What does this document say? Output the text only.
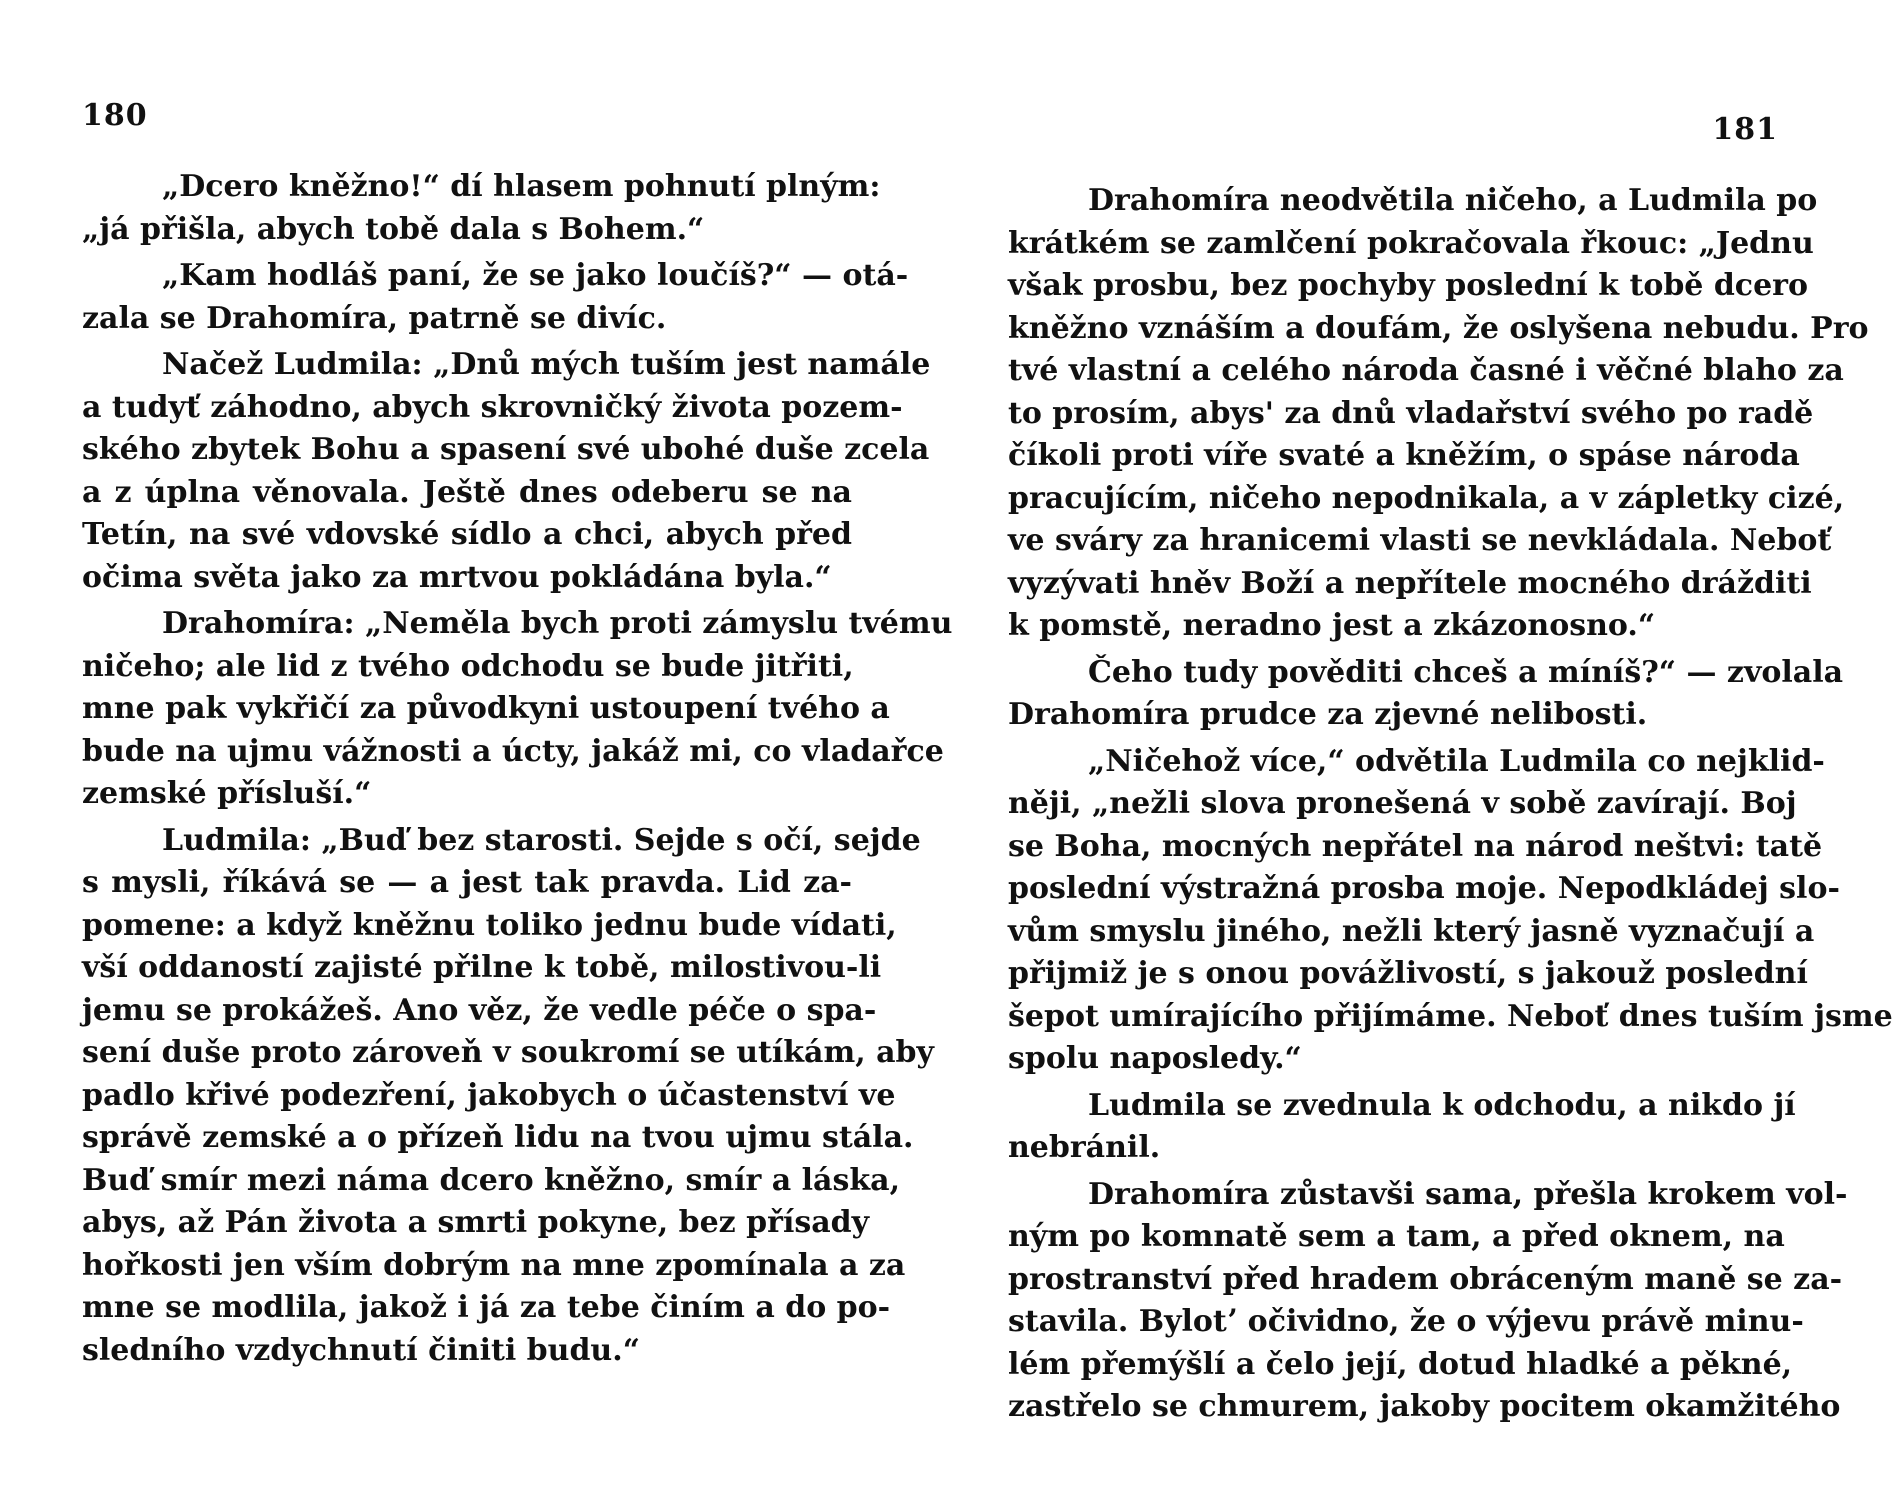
180
„Dcero kněžno!“ dí hlasem pohnutí plným:
„já přišla, abych tobě dala s Bohem.“
„Kam hodláš paní, že se jako loučíš?“ — otá-
zala se Drahomíra, patrně se divíc.
Načež Ludmila: „Dnů mých tuším jest namále
a tudyť záhodno, abych skrovničký života pozem-
ského zbytek Bohu a spasení své ubohé duše zcela
a z úplna věnovala. Ještě dnes odeberu se na
Tetín, na své vdovské sídlo a chci, abych před
očima světa jako za mrtvou pokládána byla.“
Drahomíra: „Neměla bych proti zámyslu tvému
ničeho; ale lid z tvého odchodu se bude jitřiti,
mne pak vykřičí za původkyni ustoupení tvého a
bude na ujmu vážnosti a úcty, jakáž mi, co vladařce
zemské přísluší.“
Ludmila: „Buď bez starosti. Sejde s očí, sejde
s mysli, říkává se — a jest tak pravda. Lid za-
pomene: a když kněžnu toliko jednu bude vídati,
vší oddaností zajisté přilne k tobě, milostivou-li
jemu se prokážeš. Ano věz, že vedle péče o spa-
sení duše proto zároveň v soukromí se utíkám, aby
padlo křivé podezření, jakobych o účastenství ve
správě zemské a o přízeň lidu na tvou ujmu stála.
Buď smír mezi náma dcero kněžno, smír a láska,
abys, až Pán života a smrti pokyne, bez přísady
hořkosti jen vším dobrým na mne zpomínala a za
mne se modlila, jakož i já za tebe činím a do po-
sledního vzdychnutí činiti budu.“
181
Drahomíra neodvětila ničeho, a Ludmila po
krátkém se zamlčení pokračovala řkouc: „Jednu
však prosbu, bez pochyby poslední k tobě dcero
kněžno vznáším a doufám, že oslyšena nebudu. Pro
tvé vlastní a celého národa časné i věčné blaho za
to prosím, abys' za dnů vladařství svého po radě
číkoli proti víře svaté a kněžím, o spáse národa
pracujícím, ničeho nepodnikala, a v zápletky cizé,
ve sváry za hranicemi vlasti se nevkládala. Neboť
vyzývati hněv Boží a nepřítele mocného drážditi
k pomstě, neradno jest a zkázonosno.“
Čeho tudy pověditi chceš a míníš?“ — zvolala
Drahomíra prudce za zjevné nelibosti.
„Ničehož více,“ odvětila Ludmila co nejklid-
něji, „nežli slova pronešená v sobě zavírají. Boj
se Boha, mocných nepřátel na národ neštvi: tatě
poslední výstražná prosba moje. Nepodkládej slo-
vům smyslu jiného, nežli který jasně vyznačují a
přijmiž je s onou povážlivostí, s jakouž poslední
šepot umírajícího přijímáme. Neboť dnes tuším jsme
spolu naposledy.“
Ludmila se zvednula k odchodu, a nikdo jí
nebránil.
Drahomíra zůstavši sama, přešla krokem vol-
ným po komnatě sem a tam, a před oknem, na
prostranství před hradem obráceným maně se za-
stavila. Bylotʼ očividno, že o výjevu právě minu-
lém přemýšlí a čelo její, dotud hladké a pěkné,
zastřelo se chmurem, jakoby pocitem okamžitého
